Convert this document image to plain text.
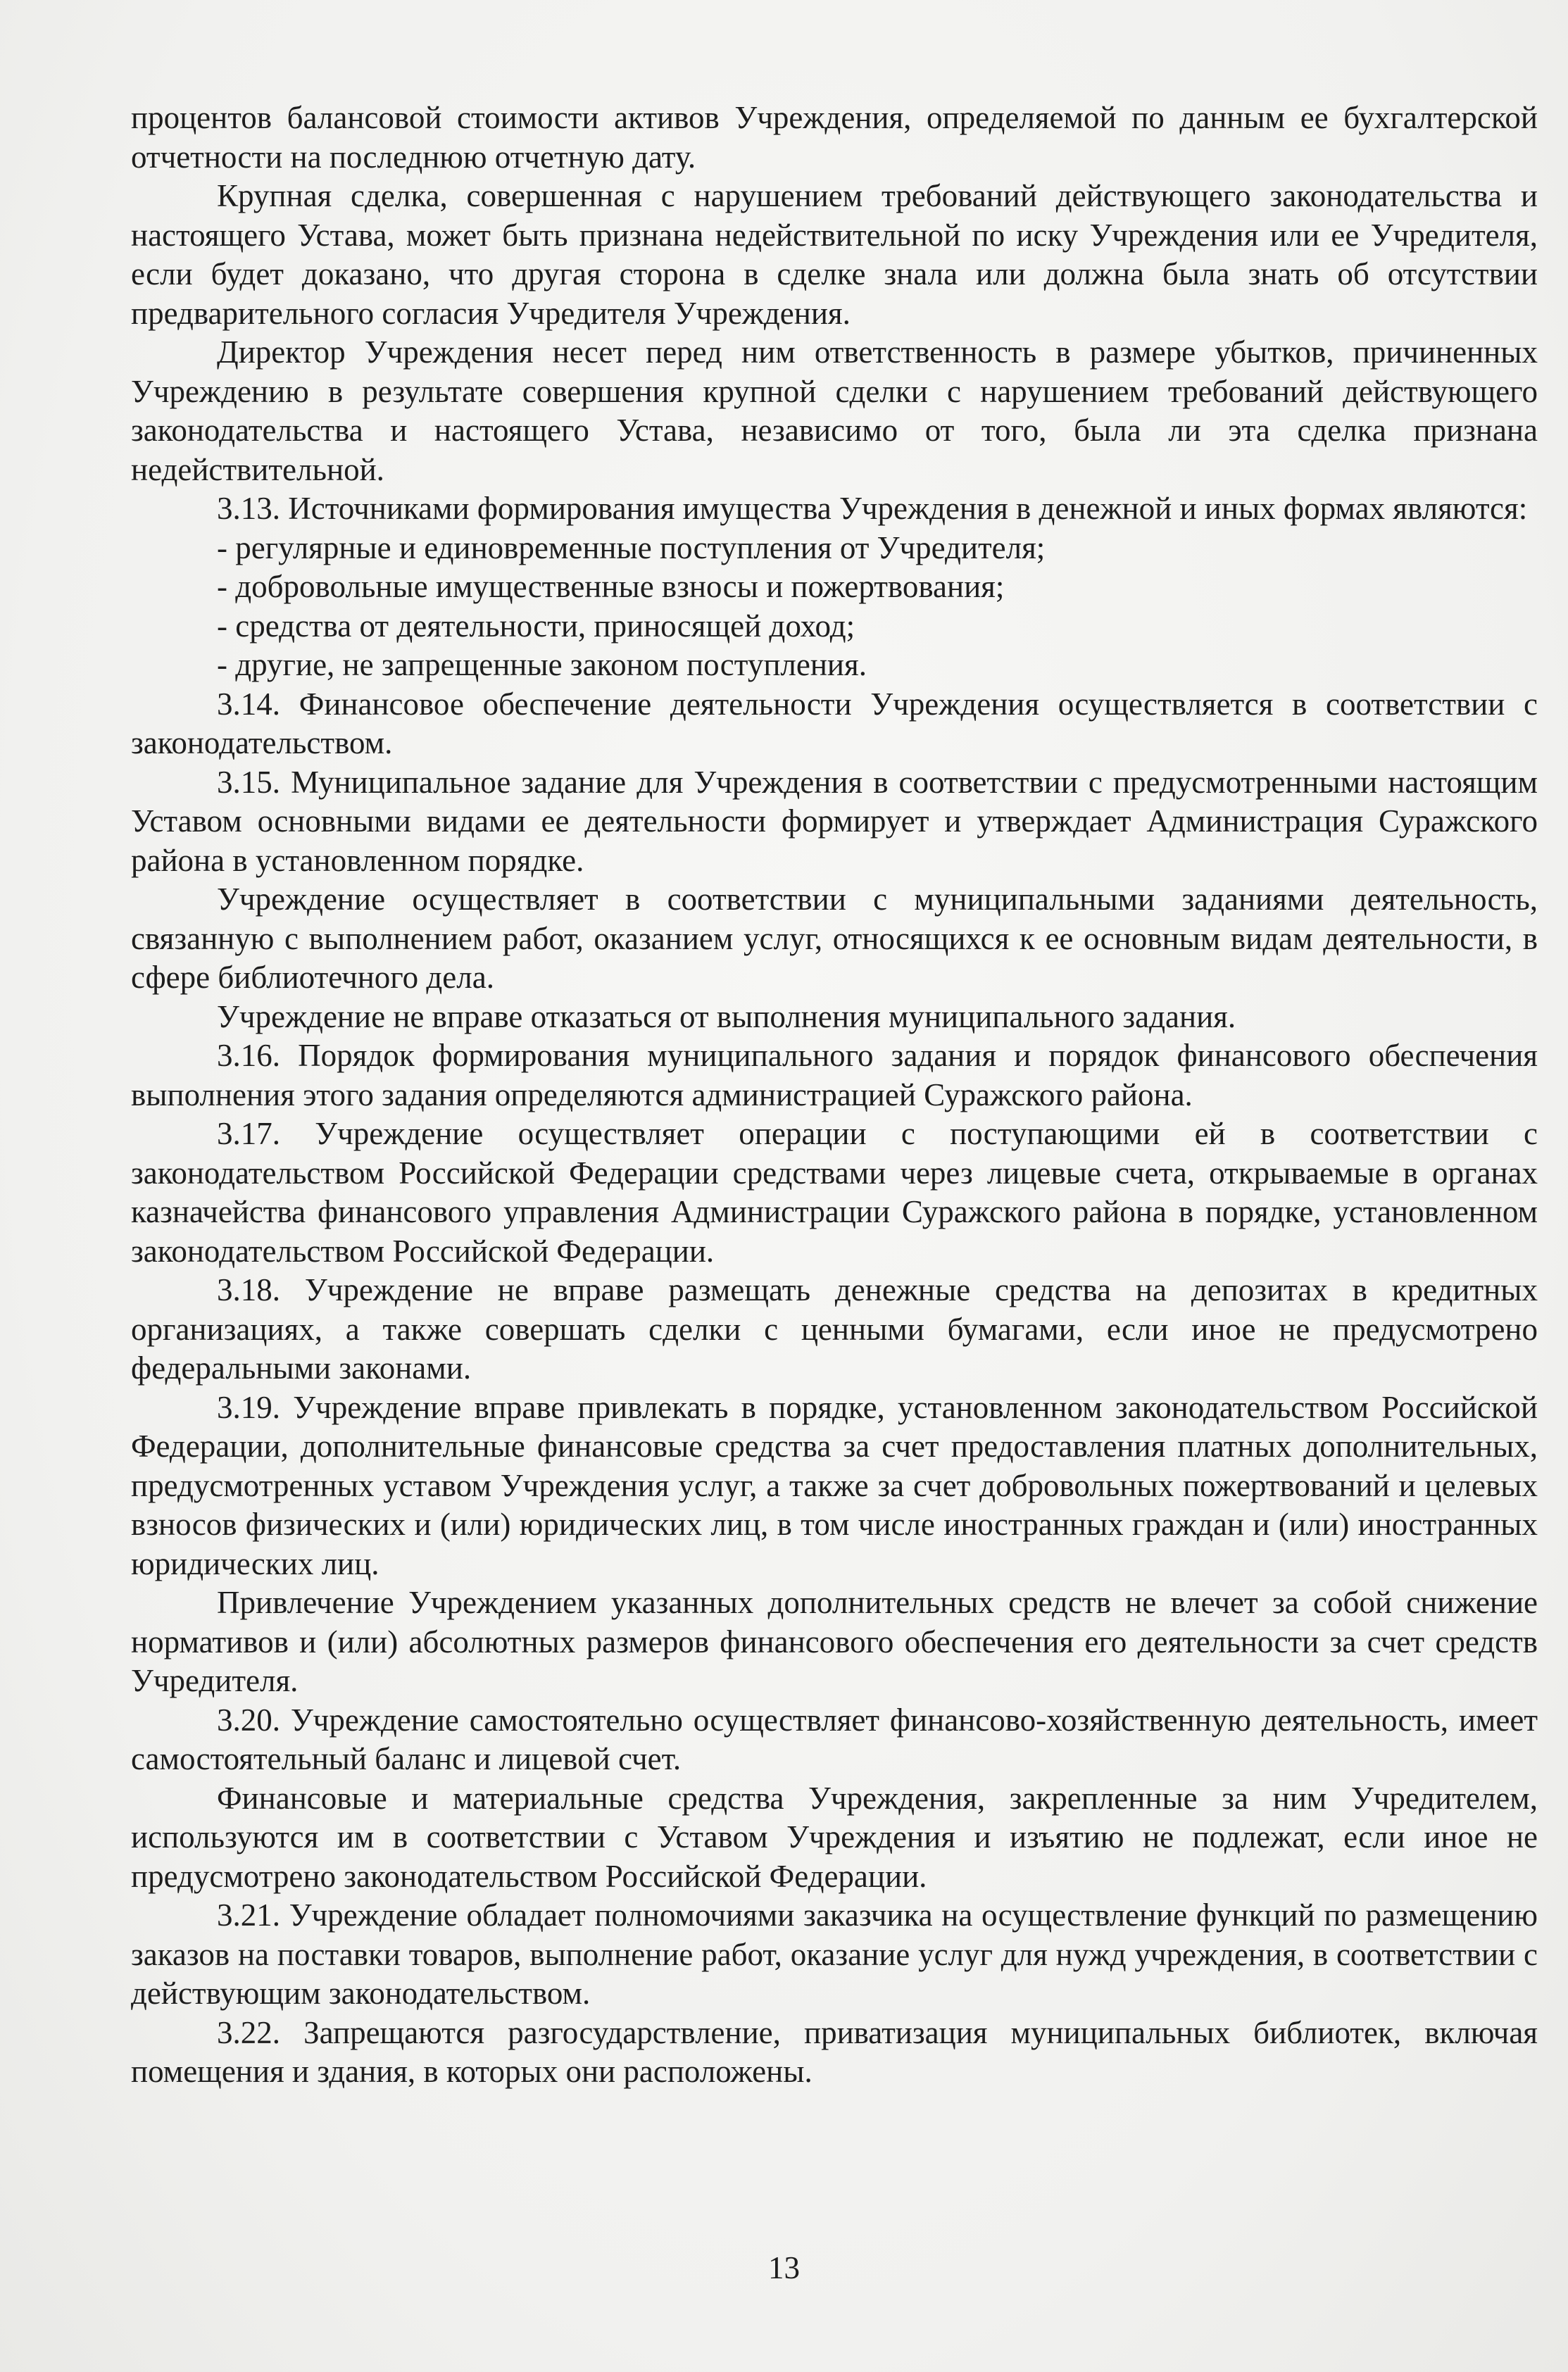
процентов балансовой стоимости активов Учреждения, определяемой по данным ее бухгалтерской отчетности на последнюю отчетную дату.

Крупная сделка, совершенная с нарушением требований действующего законодательства и настоящего Устава, может быть признана недействительной по иску Учреждения или ее Учредителя, если будет доказано, что другая сторона в сделке знала или должна была знать об отсутствии предварительного согласия Учредителя Учреждения.

Директор Учреждения несет перед ним ответственность в размере убытков, причиненных Учреждению в результате совершения крупной сделки с нарушением требований действующего законодательства и настоящего Устава, независимо от того, была ли эта сделка признана недействительной.

3.13. Источниками формирования имущества Учреждения в денежной и иных формах являются:

- регулярные и единовременные поступления от Учредителя;

- добровольные имущественные взносы и пожертвования;

- средства от деятельности, приносящей доход;

- другие, не запрещенные законом поступления.

3.14. Финансовое обеспечение деятельности Учреждения осуществляется в соответствии с законодательством.

3.15. Муниципальное задание для Учреждения в соответствии с предусмотренными настоящим Уставом основными видами ее деятельности формирует и утверждает Администрация Суражского района в установленном порядке.

Учреждение осуществляет в соответствии с муниципальными заданиями деятельность, связанную с выполнением работ, оказанием услуг, относящихся к ее основным видам деятельности, в сфере библиотечного дела.

Учреждение не вправе отказаться от выполнения муниципального задания.

3.16. Порядок формирования муниципального задания и порядок финансового обеспечения выполнения этого задания определяются администрацией Суражского района.

3.17. Учреждение осуществляет операции с поступающими ей в соответствии с законодательством Российской Федерации средствами через лицевые счета, открываемые в органах казначейства финансового управления Администрации Суражского района в порядке, установленном законодательством Российской Федерации.

3.18. Учреждение не вправе размещать денежные средства на депозитах в кредитных организациях, а также совершать сделки с ценными бумагами, если иное не предусмотрено федеральными законами.

3.19. Учреждение вправе привлекать в порядке, установленном законодательством Российской Федерации, дополнительные финансовые средства за счет предоставления платных дополнительных, предусмотренных уставом Учреждения услуг, а также за счет добровольных пожертвований и целевых взносов физических и (или) юридических лиц, в том числе иностранных граждан и (или) иностранных юридических лиц.

Привлечение Учреждением указанных дополнительных средств не влечет за собой снижение нормативов и (или) абсолютных размеров финансового обеспечения его деятельности за счет средств Учредителя.

3.20. Учреждение самостоятельно осуществляет финансово-хозяйственную деятельность, имеет самостоятельный баланс и лицевой счет.

Финансовые и материальные средства Учреждения, закрепленные за ним Учредителем, используются им в соответствии с Уставом Учреждения и изъятию не подлежат, если иное не предусмотрено законодательством Российской Федерации.

3.21. Учреждение обладает полномочиями заказчика на осуществление функций по размещению заказов на поставки товаров, выполнение работ, оказание услуг для нужд учреждения, в соответствии с действующим законодательством.

3.22. Запрещаются разгосударствление, приватизация муниципальных библиотек, включая помещения и здания, в которых они расположены.

13
